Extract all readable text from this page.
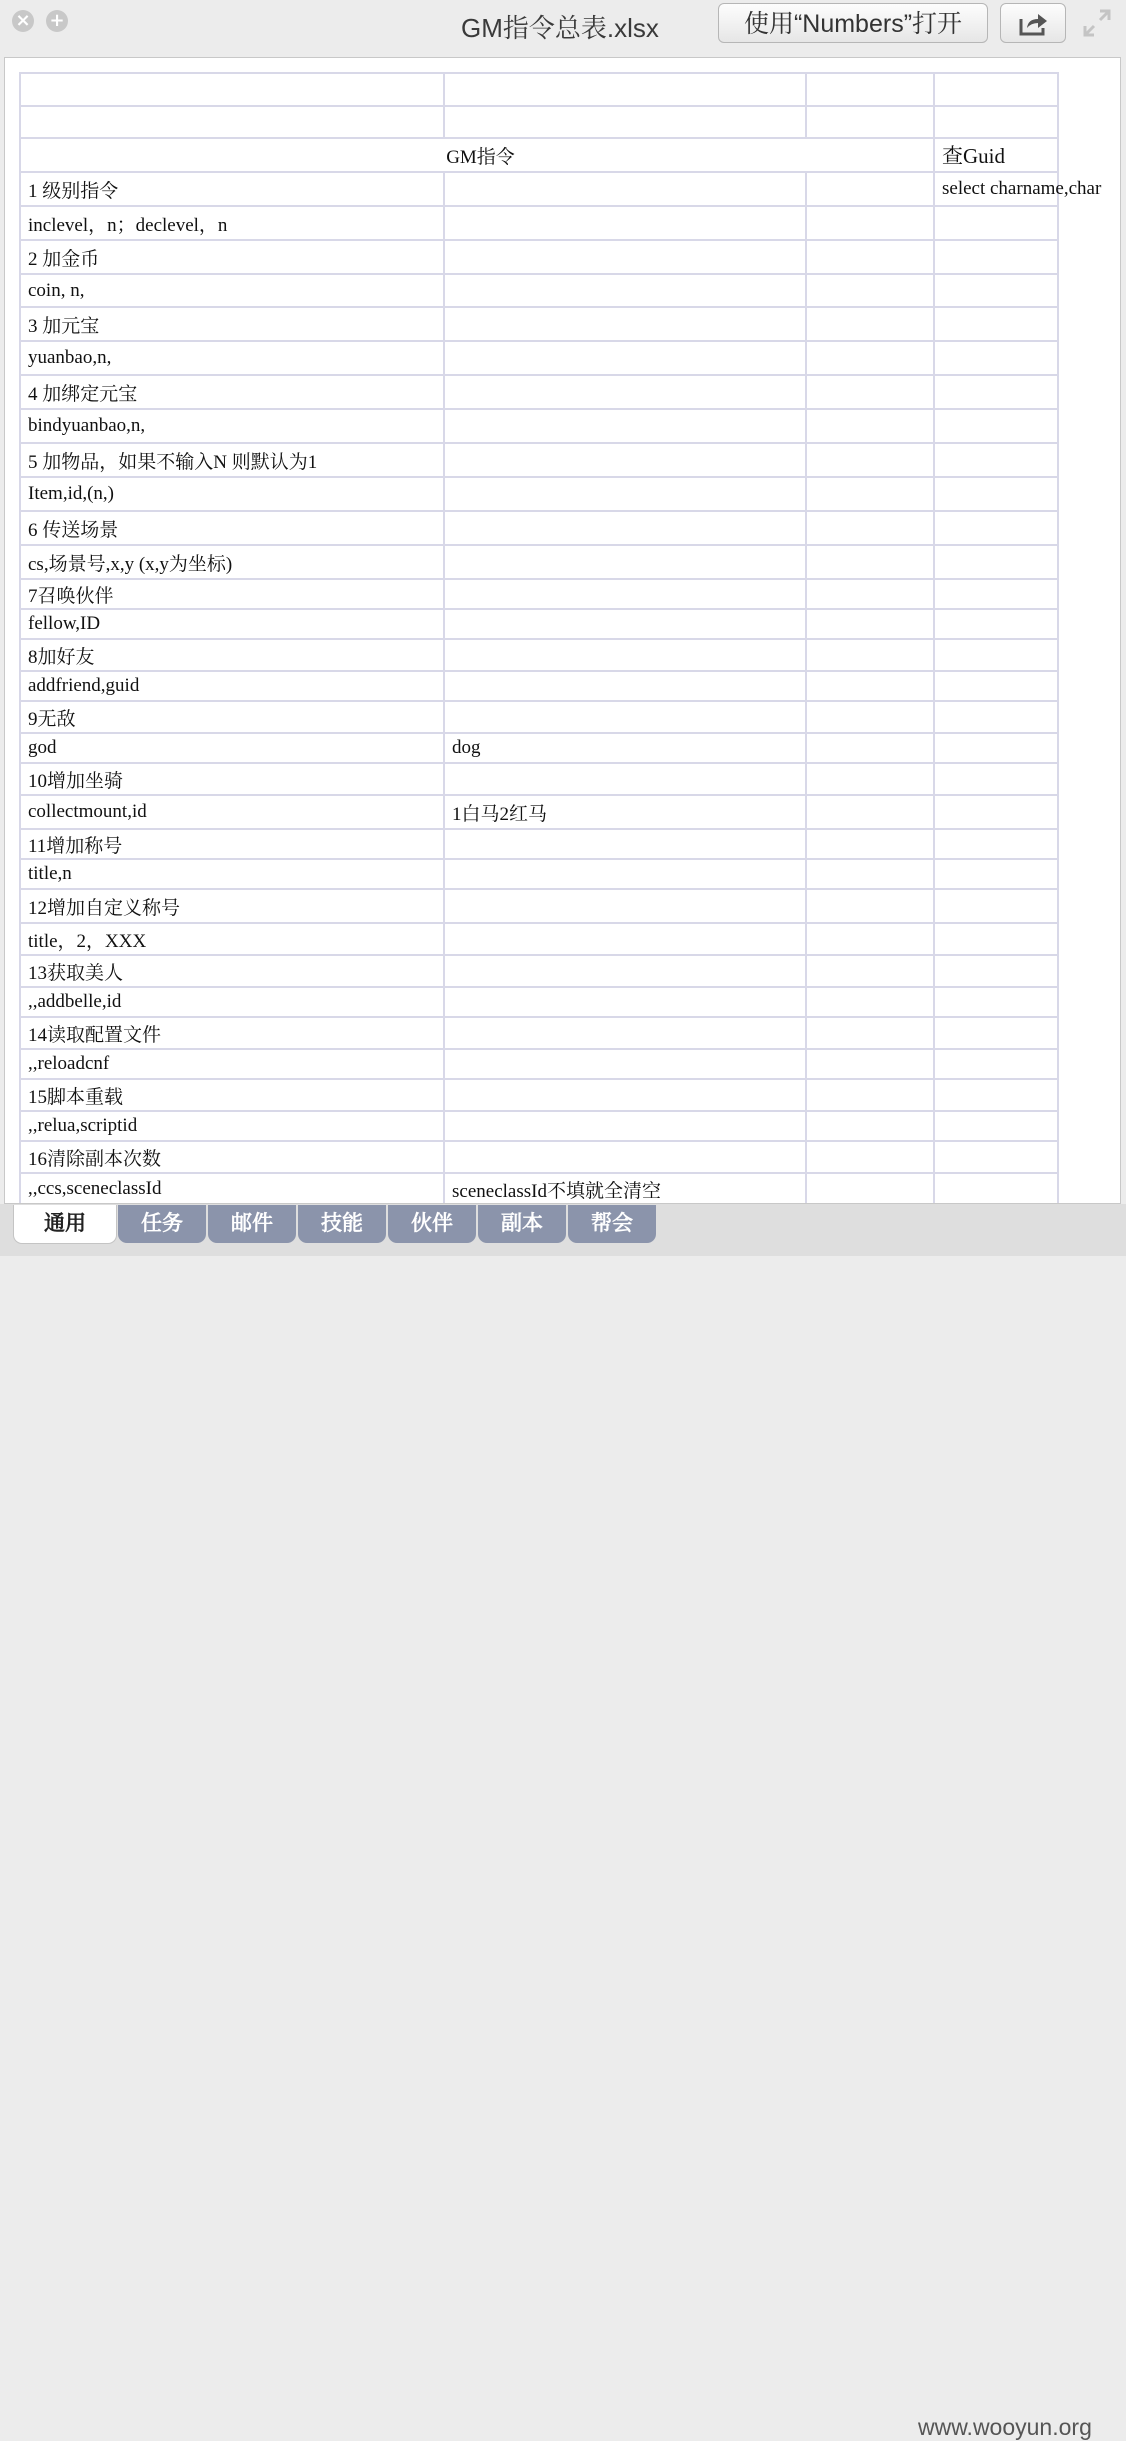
× +	GM指令总表.xlsx	使用“Numbers”打开

GM指令			查Guid
1 级别指令			select charname,char
inclevel，n；declevel，n			
2 加金币			
coin, n,			
3 加元宝			
yuanbao,n,			
4 加绑定元宝			
bindyuanbao,n,			
5 加物品，如果不输入N 则默认为1			
Item,id,(n,)			
6 传送场景			
cs,场景号,x,y (x,y为坐标)			
7召唤伙伴			
fellow,ID			
8加好友			
addfriend,guid			
9无敌			
god	dog		
10增加坐骑			
collectmount,id	1白马2红马		
11增加称号			
title,n			
12增加自定义称号			
title，2，XXX			
13获取美人			
,,addbelle,id			
14读取配置文件			
,,reloadcnf			
15脚本重载			
,,relua,scriptid			
16清除副本次数			
,,ccs,sceneclassId	sceneclassId不填就全清空		
通用	任务	邮件	技能	伙伴	副本	帮会
www.wooyun.org
